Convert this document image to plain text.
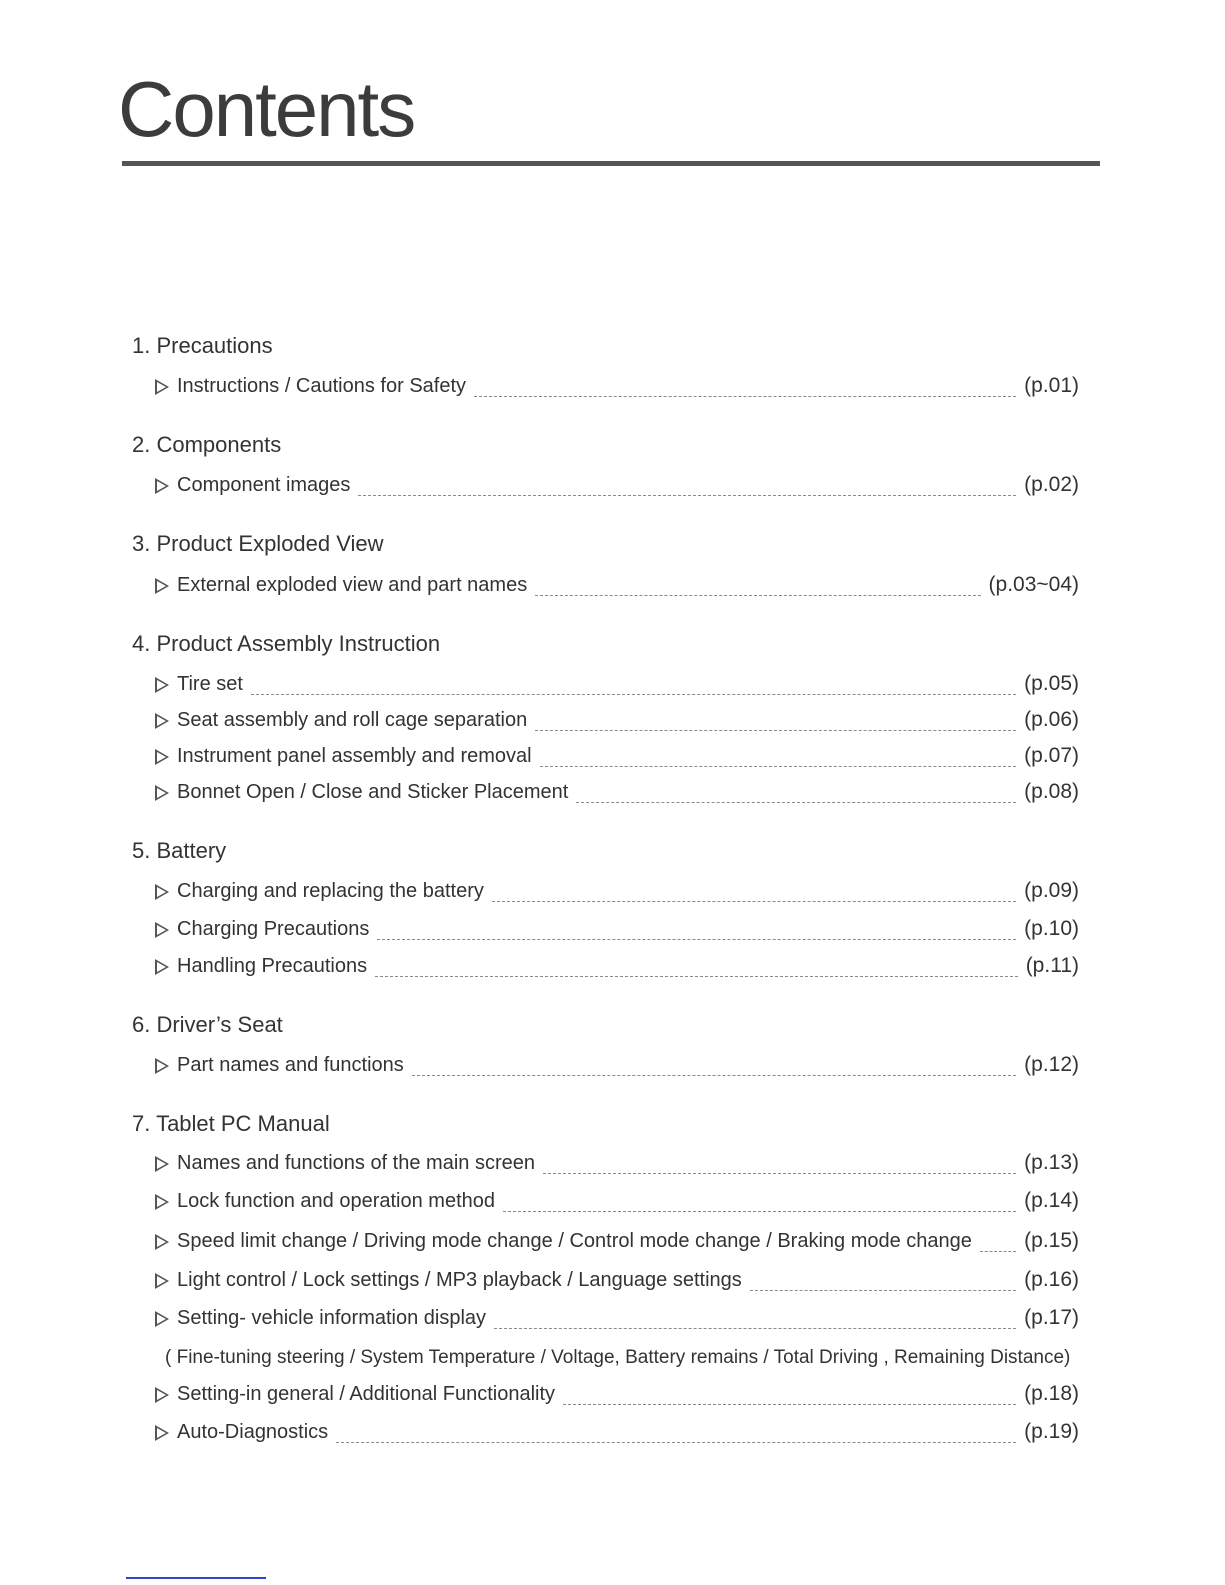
Contents
1. Precautions
Instructions / Cautions for Safety	(p.01)
2. Components
Component images	(p.02)
3. Product Exploded View
External exploded view and part names	(p.03~04)
4. Product Assembly Instruction
Tire set	(p.05)
Seat assembly and roll cage separation	(p.06)
Instrument panel assembly and removal	(p.07)
Bonnet Open / Close and Sticker Placement	(p.08)
5. Battery
Charging and replacing the battery	(p.09)
Charging Precautions	(p.10)
Handling Precautions	(p.11)
6. Driver’s Seat
Part names and functions	(p.12)
7. Tablet PC Manual
Names and functions of the main screen	(p.13)
Lock function and operation method	(p.14)
Speed limit change / Driving mode change / Control mode change / Braking mode change (p.15)
Light control / Lock settings / MP3 playback / Language settings	(p.16)
Setting- vehicle information display	(p.17)
Setting-in general / Additional Functionality	(p.18)
Auto-Diagnostics	(p.19)
( Fine-tuning steering / System Temperature / Voltage, Battery remains / Total Driving , Remaining Distance)
